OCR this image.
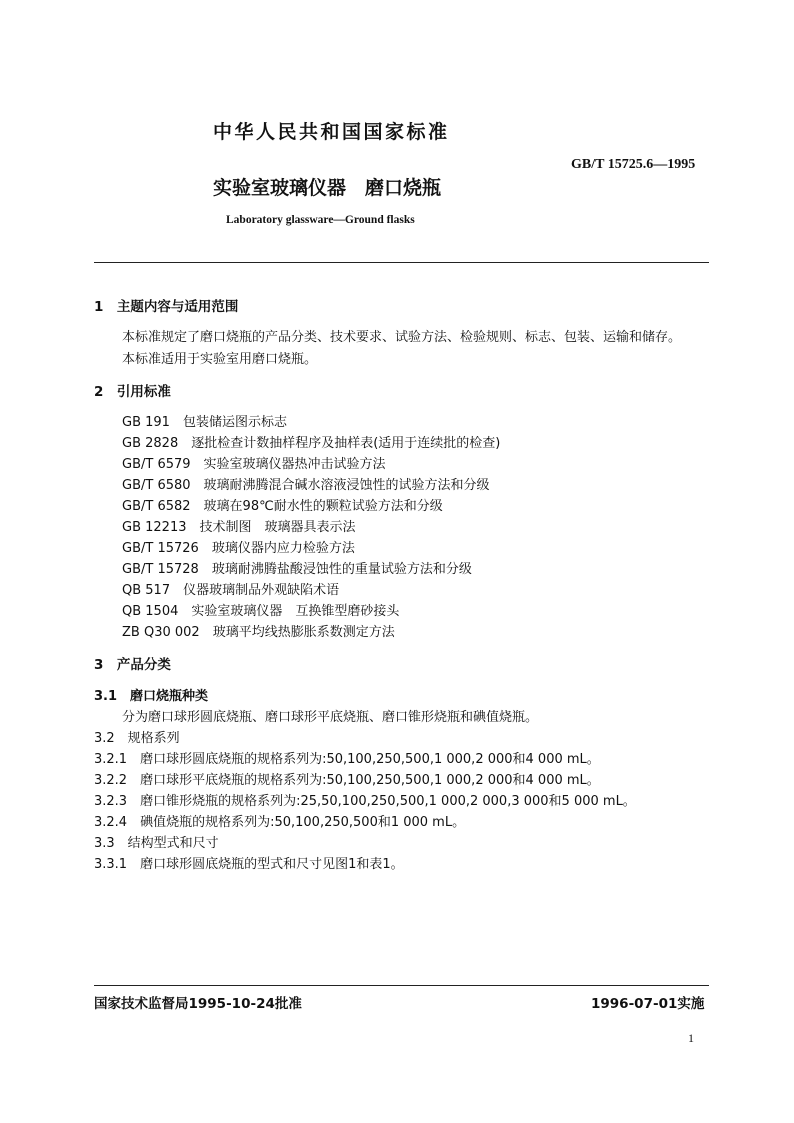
中华人民共和国国家标准
GB/T 15725.6—1995
实验室玻璃仪器　磨口烧瓶
Laboratory glassware—Ground flasks
1　主题内容与适用范围
本标准规定了磨口烧瓶的产品分类、技术要求、试验方法、检验规则、标志、包装、运输和储存。
本标准适用于实验室用磨口烧瓶。
2　引用标准
GB 191　 包装储运图示标志
GB 2828　 逐批检查计数抽样程序及抽样表(适用于连续批的检查)
GB/T 6579　 实验室玻璃仪器热冲击试验方法
GB/T 6580　 玻璃耐沸腾混合碱水溶液浸蚀性的试验方法和分级
GB/T 6582　 玻璃在98℃耐水性的颗粒试验方法和分级
GB 12213　 技术制图　玻璃器具表示法
GB/T 15726　 玻璃仪器内应力检验方法
GB/T 15728　 玻璃耐沸腾盐酸浸蚀性的重量试验方法和分级
QB 517　 仪器玻璃制品外观缺陷术语
QB 1504　 实验室玻璃仪器　互换锥型磨砂接头
ZB Q30 002　 玻璃平均线热膨胀系数测定方法
3　产品分类
3.1　磨口烧瓶种类
分为磨口球形圆底烧瓶、磨口球形平底烧瓶、磨口锥形烧瓶和碘值烧瓶。
3.2　规格系列
3.2.1　磨口球形圆底烧瓶的规格系列为:50,100,250,500,1 000,2 000和4 000 mL。
3.2.2　磨口球形平底烧瓶的规格系列为:50,100,250,500,1 000,2 000和4 000 mL。
3.2.3　磨口锥形烧瓶的规格系列为:25,50,100,250,500,1 000,2 000,3 000和5 000 mL。
3.2.4　碘值烧瓶的规格系列为:50,100,250,500和1 000 mL。
3.3　结构型式和尺寸
3.3.1　磨口球形圆底烧瓶的型式和尺寸见图1和表1。
国家技术监督局1995-10-24批准	1996-07-01实施
1
